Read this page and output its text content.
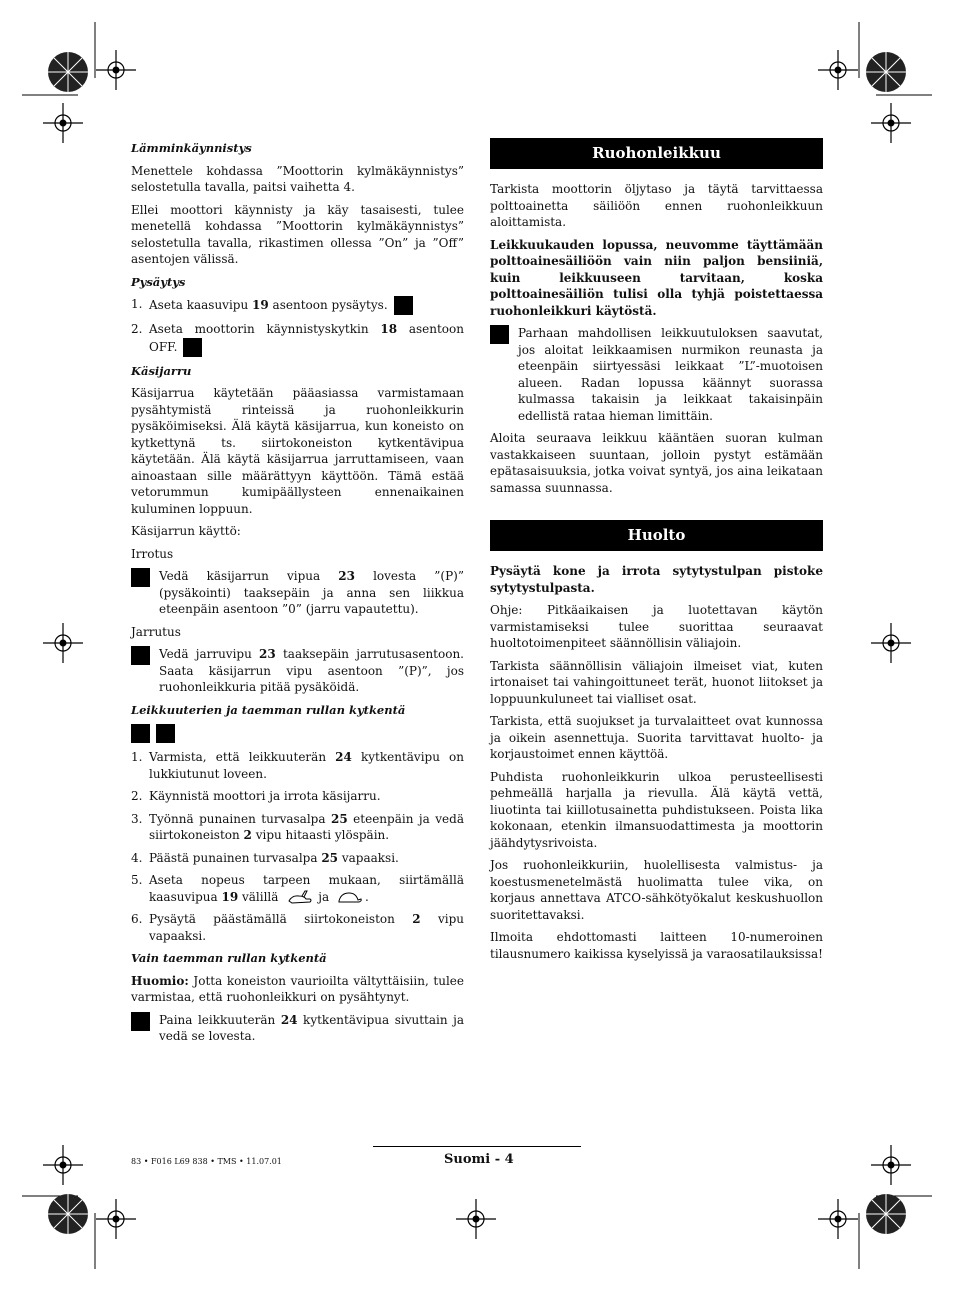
Lämminkäynnistys

Menettele kohdassa ”Moottorin kylmäkäynnistys” selostetulla tavalla, paitsi vaihetta 4.

Ellei moottori käynnisty ja käy tasaisesti, tulee menetellä kohdassa ”Moottorin kylmäkäynnistys” selostetulla tavalla, rikastimen ollessa ”On” ja ”Off” asentojen välissä.

Pysäytys
1. Aseta kaasuvipu 19 asentoon pysäytys.
2. Aseta moottorin käynnistyskytkin 18 asentoon OFF.
Käsijarru

Käsijarrua käytetään pääasiassa varmistamaan pysähtymistä rinteissä ja ruohonleikkurin pysäköimiseksi. Älä käytä käsijarrua, kun koneisto on kytkettynä ts. siirtokoneiston kytkentävipua käytetään. Älä käytä käsijarrua jarruttamiseen, vaan ainoastaan sille määrättyyn käyttöön. Tämä estää vetorummun kumipäällysteen ennenaikainen kuluminen loppuun.

Käsijarrun käyttö:

Irrotus

Vedä käsijarrun vipua 23 lovesta ”(P)” (pysäkointi) taaksepäin ja anna sen liikkua eteenpäin asentoon ”0” (jarru vapautettu).

Jarrutus

Vedä jarruvipu 23 taaksepäin jarrutusasentoon. Saata käsijarrun vipu asentoon ”(P)”, jos ruohonleikkuria pitää pysäköidä.
Leikkuuterien ja taemman rullan kytkentä
1. Varmista, että leikkuuterän 24 kytkentävipu on lukkiutunut loveen.
2. Käynnistä moottori ja irrota käsijarru.
3. Työnnä punainen turvasalpa 25 eteenpäin ja vedä siirtokoneiston 2 vipu hitaasti ylöspäin.
4. Päästä punainen turvasalpa 25 vapaaksi.
5. Aseta nopeus tarpeen mukaan, siirtämällä kaasuvipua 19 välillä	ja	.
6. Pysäytä päästämällä siirtokoneiston 2 vipu vapaaksi.
Vain taemman rullan kytkentä

Huomio: Jotta koneiston vaurioilta vältyttäisiin, tulee varmistaa, että ruohonleikkuri on pysähtynyt.

Paina leikkuuterän 24 kytkentävipua sivuttain ja vedä se lovesta.
Ruohonleikkuu

Tarkista moottorin öljytaso ja täytä tarvittaessa polttoainetta säiliöön ennen ruohonleikkuun aloittamista.

Leikkuukauden lopussa, neuvomme täyttämään polttoainesäiliöön vain niin paljon bensiiniä, kuin leikkuuseen tarvitaan, koska polttoainesäiliön tulisi olla tyhjä poistettaessa ruohonleikkuri käytöstä.

Parhaan mahdollisen leikkuutuloksen saavutat, jos aloitat leikkaamisen nurmikon reunasta ja eteenpäin siirtyessäsi leikkaat ”L”-muotoisen alueen. Radan lopussa käännyt suorassa kulmassa takaisin ja leikkaat takaisinpäin edellistä rataa hieman limittäin.

Aloita seuraava leikkuu kääntäen suoran kulman vastakkaiseen suuntaan, jolloin pystyt estämään epätasaisuuksia, jotka voivat syntyä, jos aina leikataan samassa suunnassa.

Huolto

Pysäytä kone ja irrota sytytystulpan pistoke sytytystulpasta.

Ohje: Pitkäaikaisen ja luotettavan käytön varmistamiseksi tulee suorittaa seuraavat huoltotoimenpiteet säännöllisin väliajoin.

Tarkista säännöllisin väliajoin ilmeiset viat, kuten irtonaiset tai vahingoittuneet terät, huonot liitokset ja loppuunkuluneet tai vialliset osat.

Tarkista, että suojukset ja turvalaitteet ovat kunnossa ja oikein asennettuja. Suorita tarvittavat huolto- ja korjaustoimet ennen käyttöä.

Puhdista ruohonleikkurin ulkoa perusteellisesti pehmeällä harjalla ja rievulla. Älä käytä vettä, liuotinta tai kiillotusainetta puhdistukseen. Poista lika kokonaan, etenkin ilmansuodattimesta ja moottorin jäähdytysrivoista.

Jos ruohonleikkuriin, huolellisesta valmistus- ja koestusmenetelmästä huolimatta tulee vika, on korjaus annettava ATCO-sähkötyökalut keskushuollon suoritettavaksi.

Ilmoita ehdottomasti laitteen 10-numeroinen tilausnumero kaikissa kyselyissä ja varaosatilauksissa!

83 • F016 L69 838 • TMS • 11.07.01	Suomi - 4
